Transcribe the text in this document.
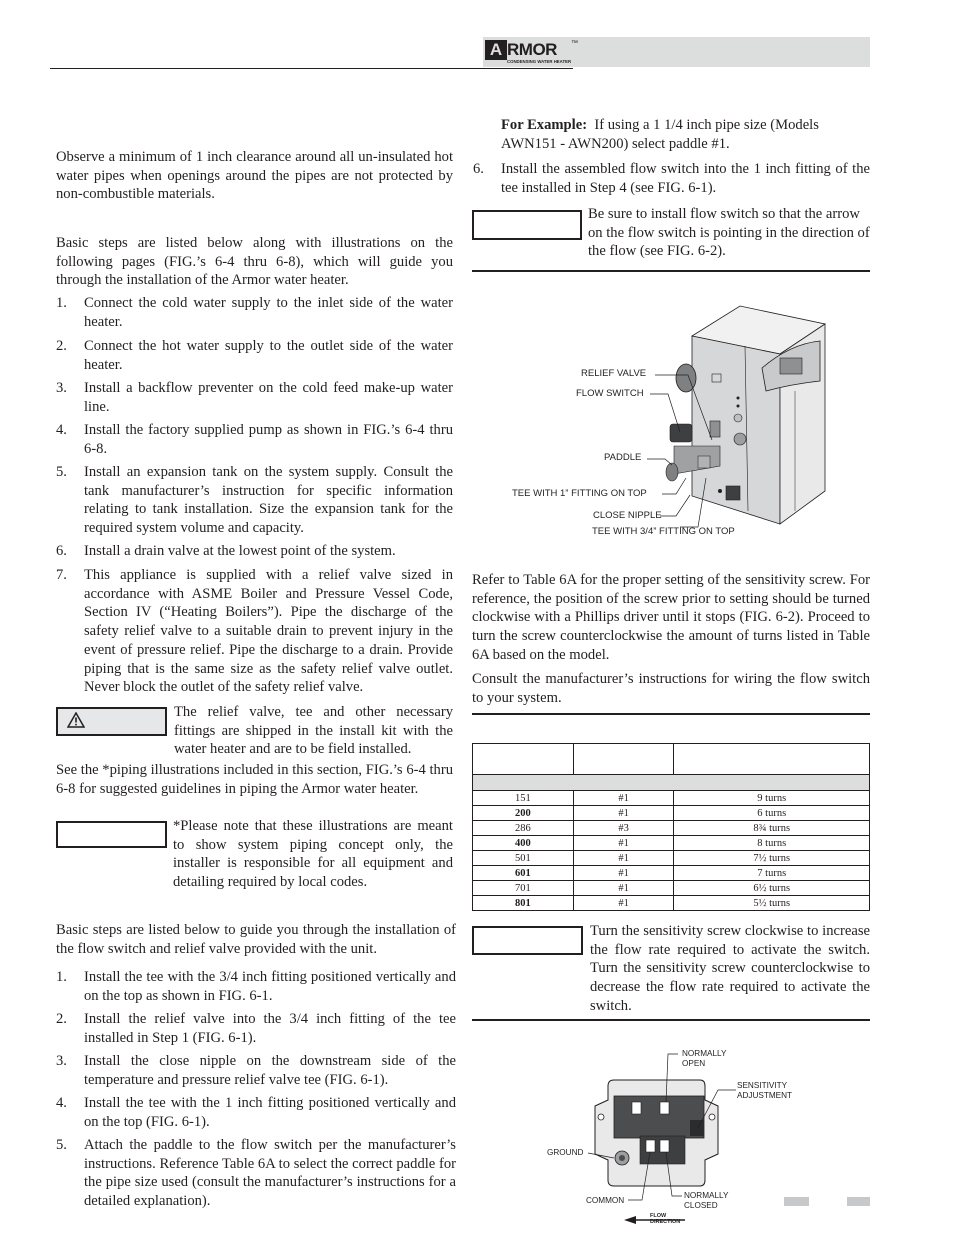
A RMOR ™
CONDENSING WATER HEATER

Observe a minimum of 1 inch clearance around all un-insulated hot water pipes when openings around the pipes are not protected by non-combustible materials.

Basic steps are listed below along with illustrations on the following pages (FIG.’s 6-4 thru 6-8), which will guide you through the installation of the Armor water heater.

1. Connect the cold water supply to the inlet side of the water heater.
2. Connect the hot water supply to the outlet side of the water heater.
3. Install a backflow preventer on the cold feed make-up water line.
4. Install the factory supplied pump as shown in FIG.’s 6-4 thru 6-8.
5. Install an expansion tank on the system supply. Consult the tank manufacturer’s instruction for specific information relating to tank installation. Size the expansion tank for the required system volume and capacity.
6. Install a drain valve at the lowest point of the system.
7. This appliance is supplied with a relief valve sized in accordance with ASME Boiler and Pressure Vessel Code, Section IV (“Heating Boilers”). Pipe the discharge of the safety relief valve to a suitable drain to prevent injury in the event of pressure relief. Pipe the discharge to a drain. Provide piping that is the same size as the safety relief valve outlet. Never block the outlet of the safety relief valve.

The relief valve, tee and other necessary fittings are shipped in the install kit with the water heater and are to be field installed.

See the *piping illustrations included in this section, FIG.’s 6-4 thru 6-8 for suggested guidelines in piping the Armor water heater.

*Please note that these illustrations are meant to show system piping concept only, the installer is responsible for all equipment and detailing required by local codes.

Basic steps are listed below to guide you through the installation of the flow switch and relief valve provided with the unit.

1. Install the tee with the 3/4 inch fitting positioned vertically and on the top as shown in FIG. 6-1.
2. Install the relief valve into the 3/4 inch fitting of the tee installed in Step 1 (FIG. 6-1).
3. Install the close nipple on the downstream side of the temperature and pressure relief valve tee (FIG. 6-1).
4. Install the tee with the 1 inch fitting positioned vertically and on the top (FIG. 6-1).
5. Attach the paddle to the flow switch per the manufacturer’s instructions. Reference Table 6A to select the correct paddle for the pipe size used (consult the manufacturer’s instructions for a detailed explanation).

For Example: If using a 1 1/4 inch pipe size (Models AWN151 - AWN200) select paddle #1.

6. Install the assembled flow switch into the 1 inch fitting of the tee installed in Step 4 (see FIG. 6-1).

Be sure to install flow switch so that the arrow on the flow switch is pointing in the direction of the flow (see FIG. 6-2).

RELIEF VALVE
FLOW SWITCH
PADDLE
TEE WITH 1” FITTING ON TOP
CLOSE NIPPLE
TEE WITH 3/4” FITTING ON TOP

Refer to Table 6A for the proper setting of the sensitivity screw. For reference, the position of the screw prior to setting should be turned clockwise with a Phillips driver until it stops (FIG. 6-2). Proceed to turn the screw counterclockwise the amount of turns listed in Table 6A based on the model.

Consult the manufacturer’s instructions for wiring the flow switch to your system.

151	#1	9 turns
200	#1	6 turns
286	#3	8¾ turns
400	#1	8 turns
501	#1	7½ turns
601	#1	7 turns
701	#1	6½ turns
801	#1	5½ turns

Turn the sensitivity screw clockwise to increase the flow rate required to activate the switch. Turn the sensitivity screw counterclockwise to decrease the flow rate required to activate the switch.

NORMALLY
OPEN
SENSITIVITY
ADJUSTMENT
GROUND
COMMON
NORMALLY
CLOSED
FLOW
DIRECTION
